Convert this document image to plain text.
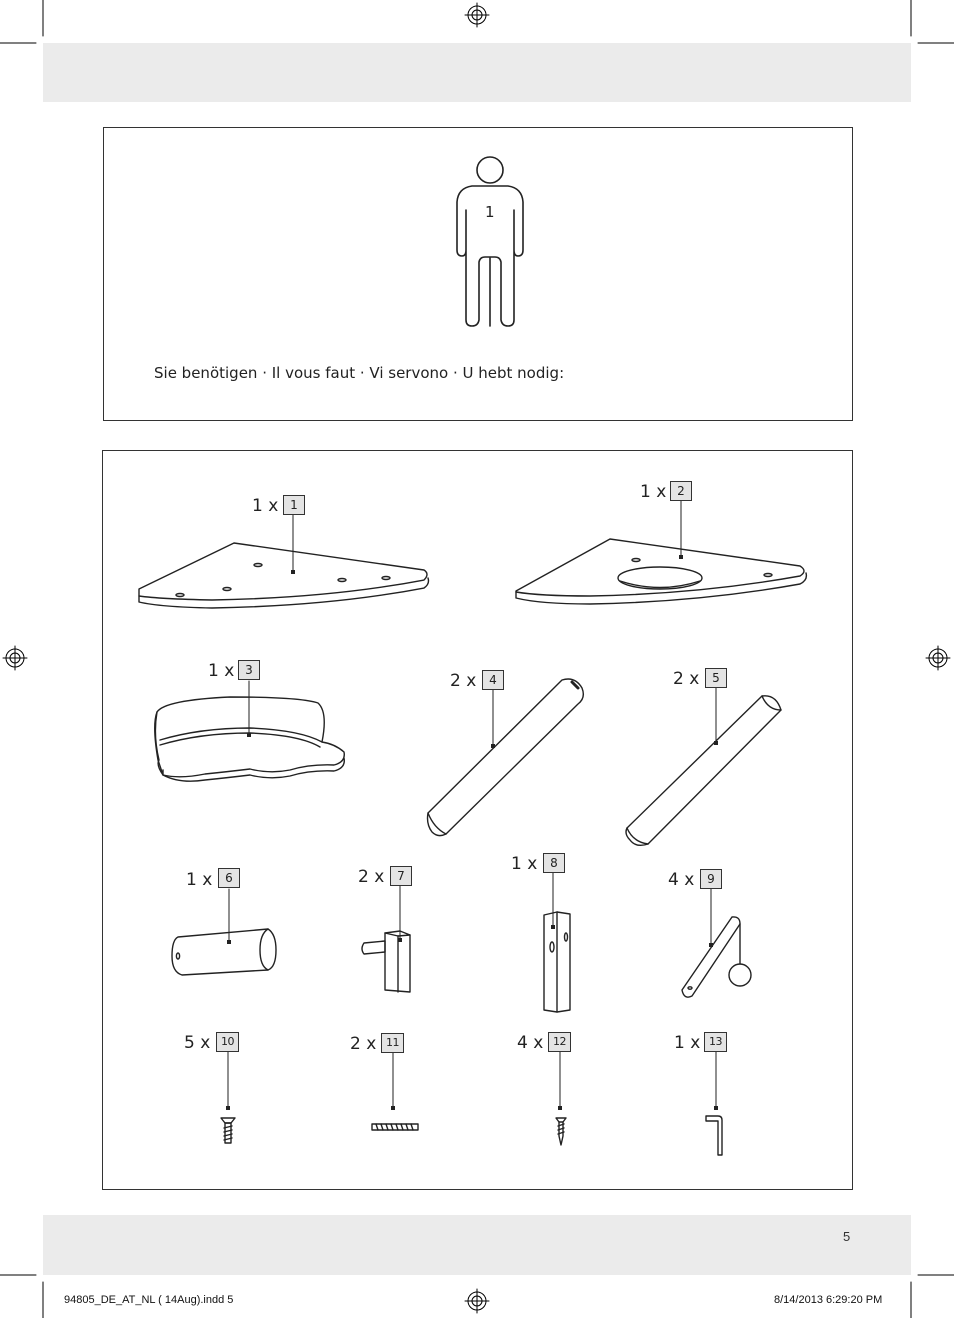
1
Sie benötigen · Il vous faut · Vi servono · U hebt nodig:
1 x 1
1 x 2
1 x 3
2 x	4	2 x	5
1 x	6	2 x	7
1 x	8
4 x	9
5 x 10	2 x 11	4 x 12	1 x 13
5
94805_DE_AT_NL ( 14Aug).indd 5	8/14/2013 6:29:20 PM
